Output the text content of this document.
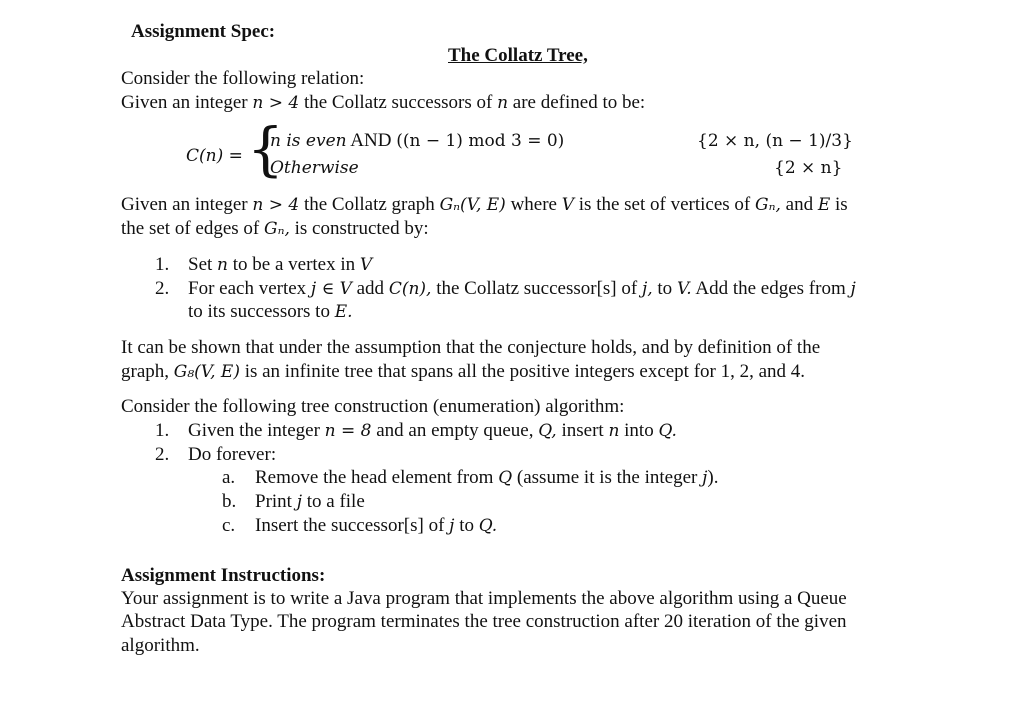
Assignment Spec:
The Collatz Tree,
Consider the following relation:
Given an integer n > 4 the Collatz successors of n are defined to be:
C(n) = {
n is even AND ((n − 1) mod 3 = 0)
Otherwise
{2 × n, (n − 1)/3}
{2 × n}
Given an integer n > 4 the Collatz graph Gₙ(V, E) where V is the set of vertices of Gₙ, and E is
the set of edges of Gₙ, is constructed by:
1. Set n to be a vertex in V
2. For each vertex j ∈ V add C(n), the Collatz successor[s] of j, to V. Add the edges from j
to its successors to E.
It can be shown that under the assumption that the conjecture holds, and by definition of the
graph, G₈(V, E) is an infinite tree that spans all the positive integers except for 1, 2, and 4.
Consider the following tree construction (enumeration) algorithm:
1. Given the integer n = 8 and an empty queue, Q, insert n into Q.
2. Do forever:
a. Remove the head element from Q (assume it is the integer j).
b. Print j to a file
c. Insert the successor[s] of j to Q.
Assignment Instructions:
Your assignment is to write a Java program that implements the above algorithm using a Queue
Abstract Data Type. The program terminates the tree construction after 20 iteration of the given
algorithm.
